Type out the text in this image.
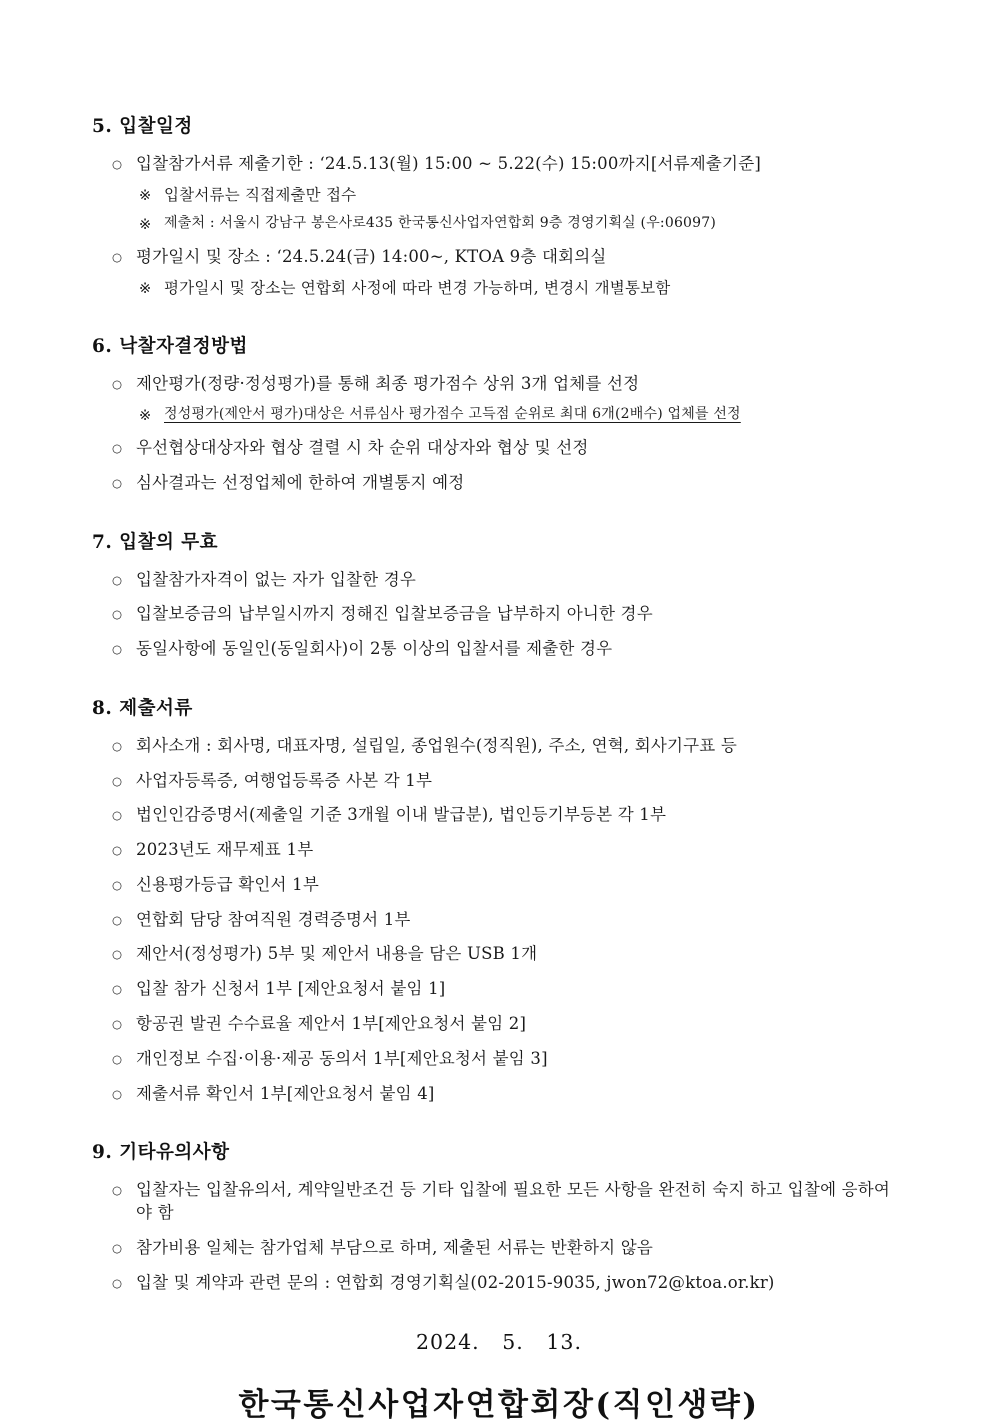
5. 입찰일정
○ 입찰참가서류 제출기한 : ‘24.5.13(월) 15:00 ~ 5.22(수) 15:00까지[서류제출기준]
※ 입찰서류는 직접제출만 접수
※ 제출처 : 서울시 강남구 봉은사로435 한국통신사업자연합회 9층 경영기획실 (우:06097)
○ 평가일시 및 장소 : ‘24.5.24(금) 14:00~, KTOA 9층 대회의실
※ 평가일시 및 장소는 연합회 사정에 따라 변경 가능하며, 변경시 개별통보함
6. 낙찰자결정방법
○ 제안평가(정량·정성평가)를 통해 최종 평가점수 상위 3개 업체를 선정
※ 정성평가(제안서 평가)대상은 서류심사 평가점수 고득점 순위로 최대 6개(2배수) 업체를 선정
○ 우선협상대상자와 협상 결렬 시 차 순위 대상자와 협상 및 선정
○ 심사결과는 선정업체에 한하여 개별통지 예정
7. 입찰의 무효
○ 입찰참가자격이 없는 자가 입찰한 경우
○ 입찰보증금의 납부일시까지 정해진 입찰보증금을 납부하지 아니한 경우
○ 동일사항에 동일인(동일회사)이 2통 이상의 입찰서를 제출한 경우
8. 제출서류
○ 회사소개 : 회사명, 대표자명, 설립일, 종업원수(정직원), 주소, 연혁, 회사기구표 등
○ 사업자등록증, 여행업등록증 사본 각 1부
○ 법인인감증명서(제출일 기준 3개월 이내 발급분), 법인등기부등본 각 1부
○ 2023년도 재무제표 1부
○ 신용평가등급 확인서 1부
○ 연합회 담당 참여직원 경력증명서 1부
○ 제안서(정성평가) 5부 및 제안서 내용을 담은 USB 1개
○ 입찰 참가 신청서 1부 [제안요청서 붙임 1]
○ 항공권 발권 수수료율 제안서 1부[제안요청서 붙임 2]
○ 개인정보 수집·이용·제공 동의서 1부[제안요청서 붙임 3]
○ 제출서류 확인서 1부[제안요청서 붙임 4]
9. 기타유의사항
○ 입찰자는 입찰유의서, 계약일반조건 등 기타 입찰에 필요한 모든 사항을 완전히 숙지 하고 입찰에 응하여야 함
○ 참가비용 일체는 참가업체 부담으로 하며, 제출된 서류는 반환하지 않음
○ 입찰 및 계약과 관련 문의 : 연합회 경영기획실(02-2015-9035, jwon72@ktoa.or.kr)
2024.   5.   13.
한국통신사업자연합회장(직인생략)
